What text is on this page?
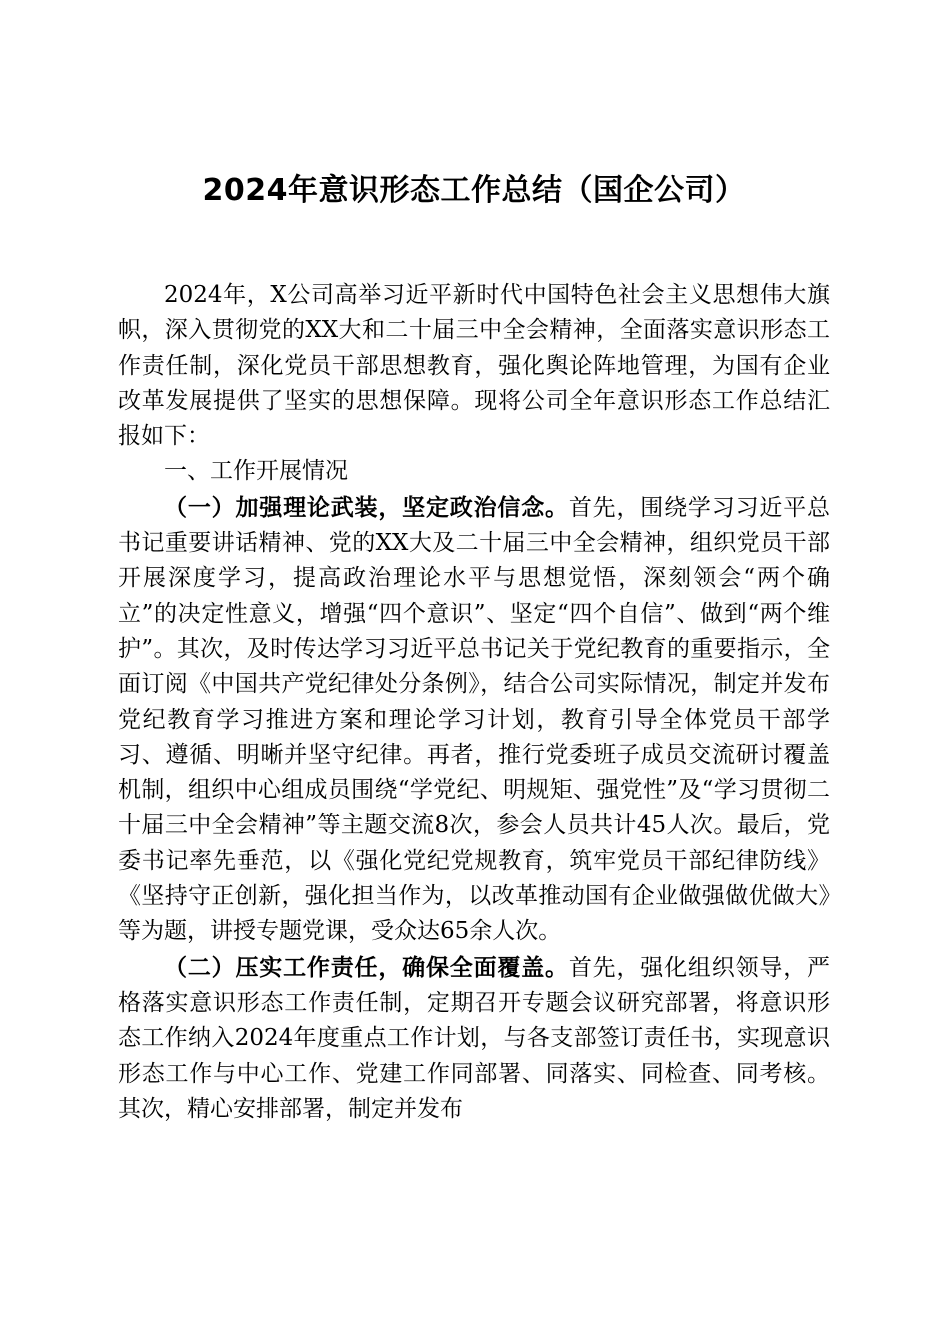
2024年意识形态工作总结（国企公司）

2024年，X公司高举习近平新时代中国特色社会主义思想伟大旗帜，深入贯彻党的XX大和二十届三中全会精神，全面落实意识形态工作责任制，深化党员干部思想教育，强化舆论阵地管理，为国有企业改革发展提供了坚实的思想保障。现将公司全年意识形态工作总结汇报如下：

一、工作开展情况

（一）加强理论武装，坚定政治信念。首先，围绕学习习近平总书记重要讲话精神、党的XX大及二十届三中全会精神，组织党员干部开展深度学习，提高政治理论水平与思想觉悟，深刻领会“两个确立”的决定性意义，增强“四个意识”、坚定“四个自信”、做到“两个维护”。其次，及时传达学习习近平总书记关于党纪教育的重要指示，全面订阅《中国共产党纪律处分条例》，结合公司实际情况，制定并发布党纪教育学习推进方案和理论学习计划，教育引导全体党员干部学习、遵循、明晰并坚守纪律。再者，推行党委班子成员交流研讨覆盖机制，组织中心组成员围绕“学党纪、明规矩、强党性”及“学习贯彻二十届三中全会精神”等主题交流8次，参会人员共计45人次。最后，党委书记率先垂范，以《强化党纪党规教育，筑牢党员干部纪律防线》《坚持守正创新，强化担当作为，以改革推动国有企业做强做优做大》等为题，讲授专题党课，受众达65余人次。

（二）压实工作责任，确保全面覆盖。首先，强化组织领导，严格落实意识形态工作责任制，定期召开专题会议研究部署，将意识形态工作纳入2024年度重点工作计划，与各支部签订责任书，实现意识形态工作与中心工作、党建工作同部署、同落实、同检查、同考核。其次，精心安排部署，制定并发布
